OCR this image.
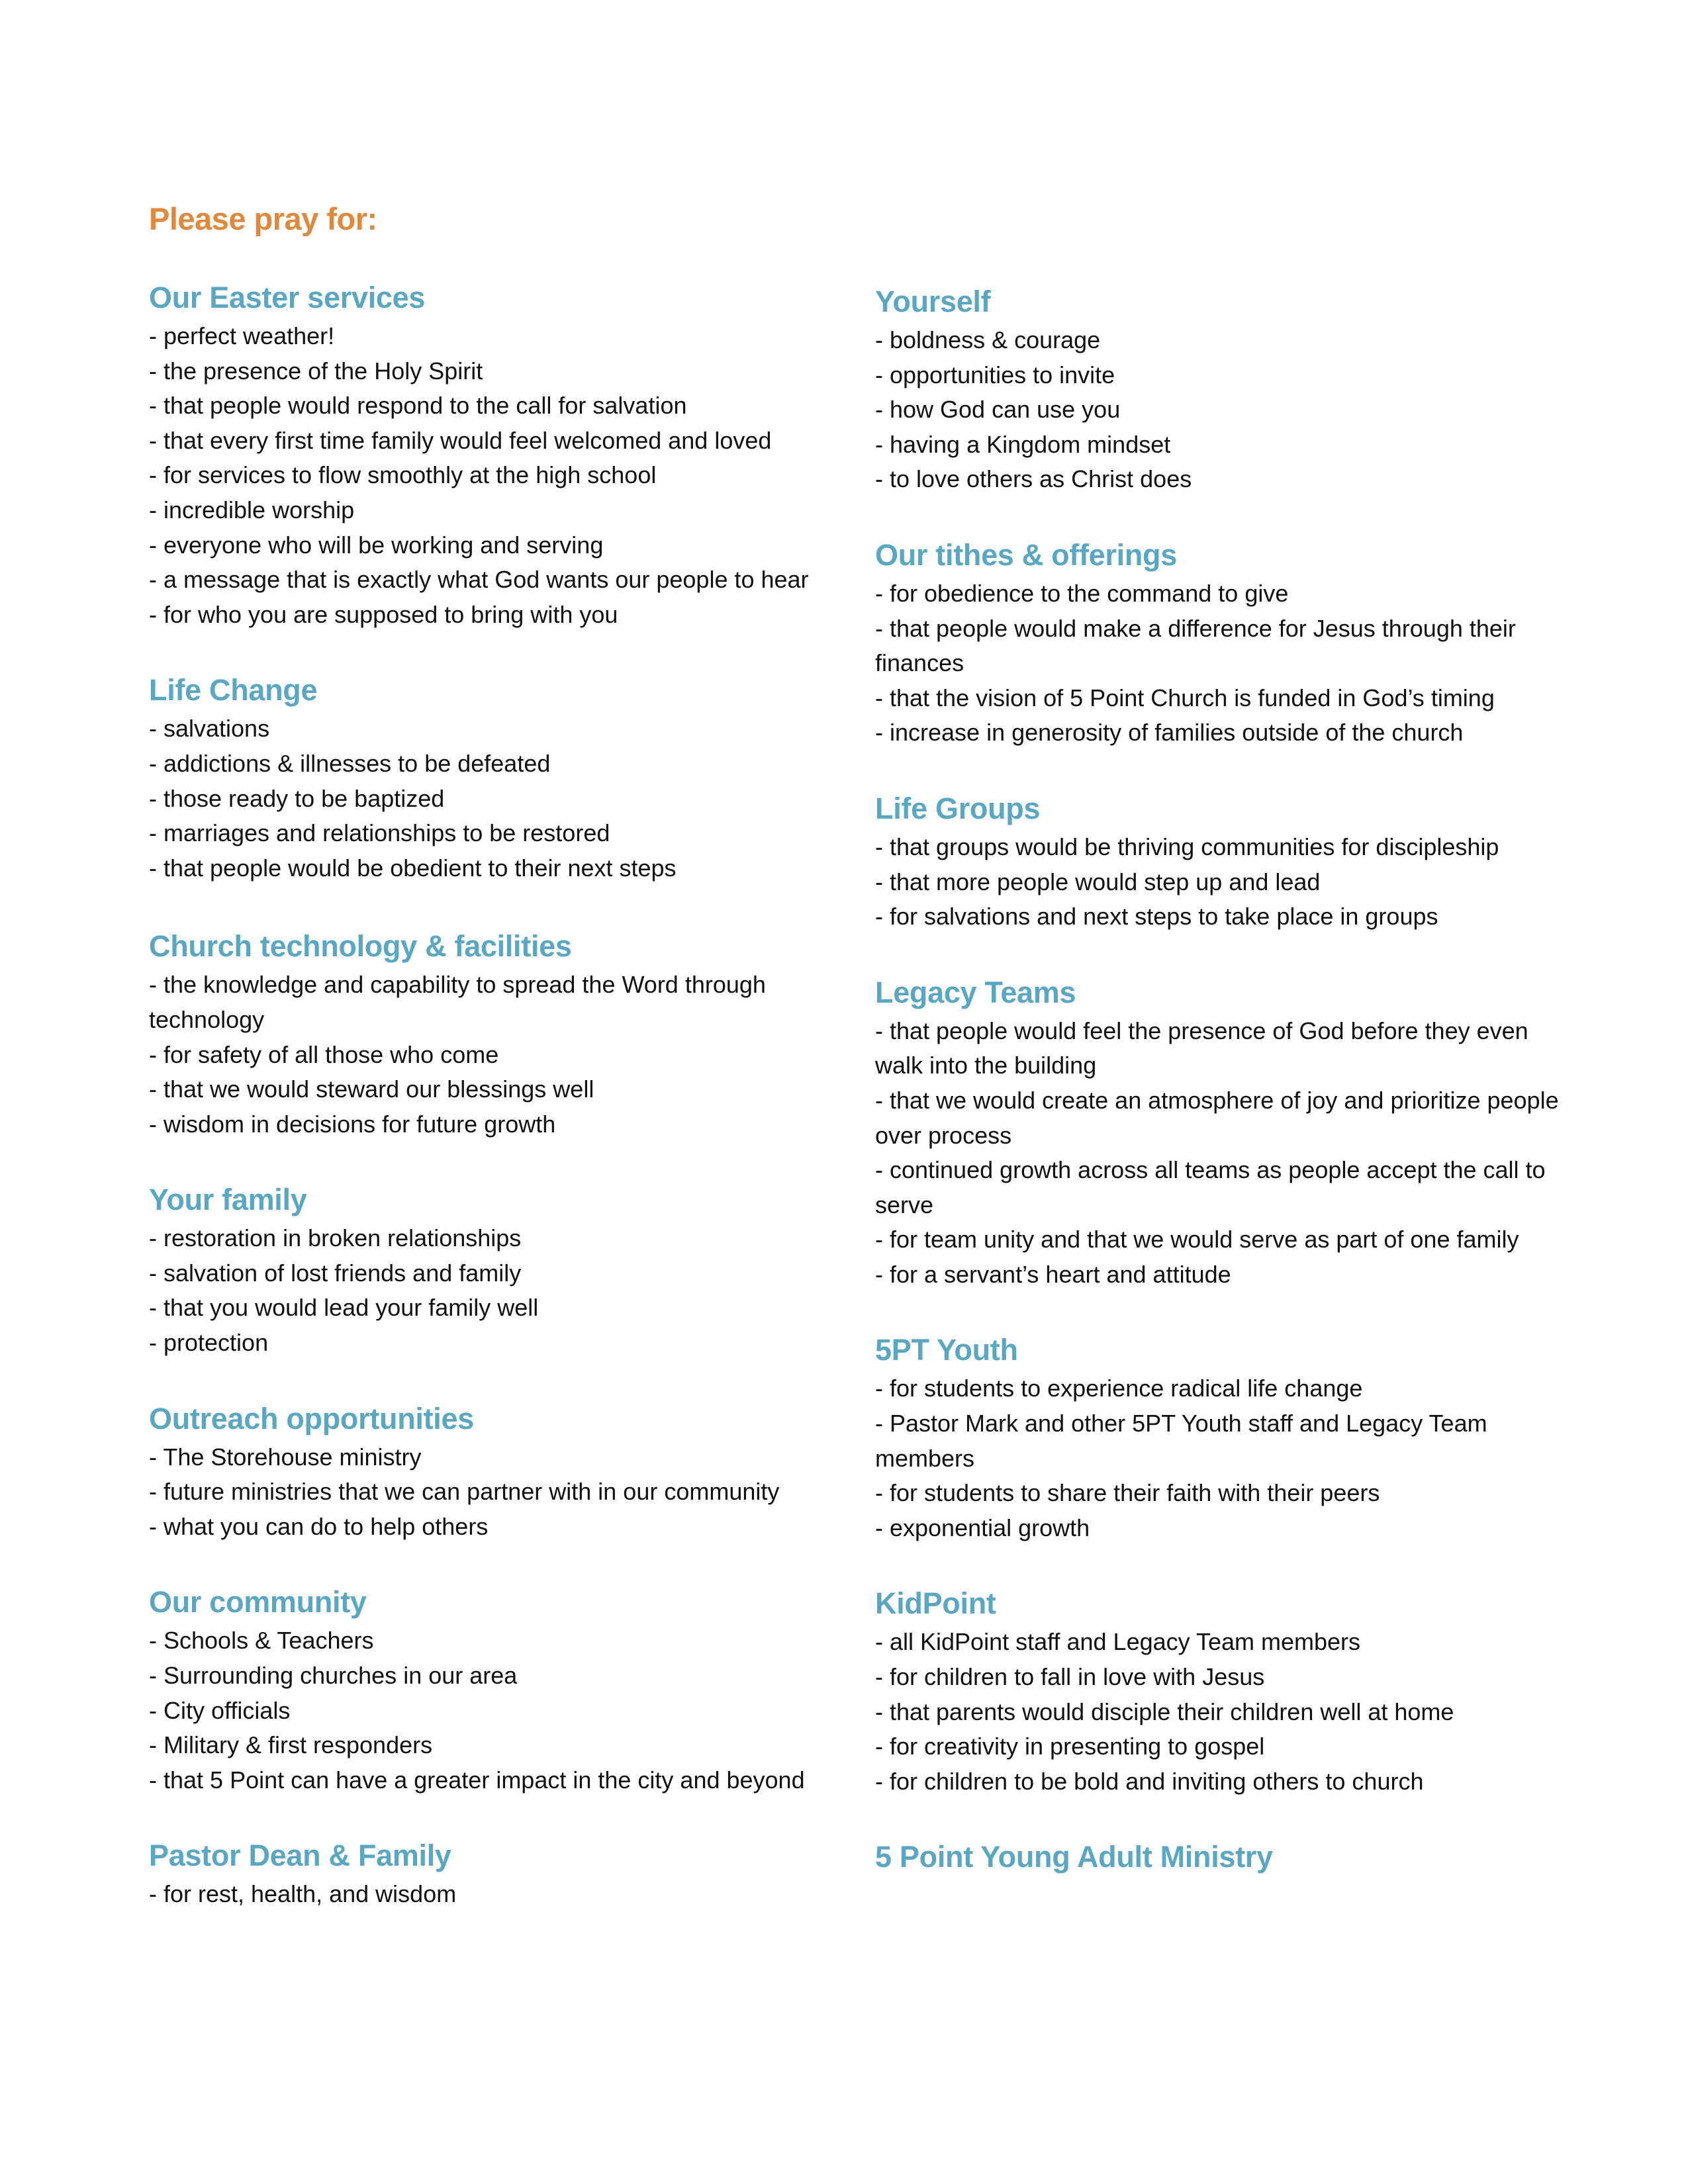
Please pray for:
Our Easter services
- perfect weather!
- the presence of the Holy Spirit
- that people would respond to the call for salvation
- that every first time family would feel welcomed and loved
- for services to flow smoothly at the high school
- incredible worship
- everyone who will be working and serving
- a message that is exactly what God wants our people to hear
- for who you are supposed to bring with you
Life Change
- salvations
- addictions & illnesses to be defeated
- those ready to be baptized
- marriages and relationships to be restored
- that people would be obedient to their next steps
Church technology & facilities
- the knowledge and capability to spread the Word through technology
- for safety of all those who come
- that we would steward our blessings well
- wisdom in decisions for future growth
Your family
- restoration in broken relationships
- salvation of lost friends and family
- that you would lead your family well
- protection
Outreach opportunities
- The Storehouse ministry
- future ministries that we can partner with in our community
- what you can do to help others
Our community
- Schools & Teachers
- Surrounding churches in our area
- City officials
- Military & first responders
- that 5 Point can have a greater impact in the city and beyond
Pastor Dean & Family
- for rest, health, and wisdom
Yourself
- boldness & courage
- opportunities to invite
- how God can use you
- having a Kingdom mindset
- to love others as Christ does
Our tithes & offerings
- for obedience to the command to give
- that people would make a difference for Jesus through their finances
- that the vision of 5 Point Church is funded in God’s timing
- increase in generosity of families outside of the church
Life Groups
- that groups would be thriving communities for discipleship
- that more people would step up and lead
- for salvations and next steps to take place in groups
Legacy Teams
- that people would feel the presence of God before they even walk into the building
- that we would create an atmosphere of joy and prioritize people over process
- continued growth across all teams as people accept the call to serve
- for team unity and that we would serve as part of one family
- for a servant’s heart and attitude
5PT Youth
- for students to experience radical life change
- Pastor Mark and other 5PT Youth staff and Legacy Team members
- for students to share their faith with their peers
- exponential growth
KidPoint
- all KidPoint staff and Legacy Team members
- for children to fall in love with Jesus
- that parents would disciple their children well at home
- for creativity in presenting to gospel
- for children to be bold and inviting others to church
5 Point Young Adult Ministry
